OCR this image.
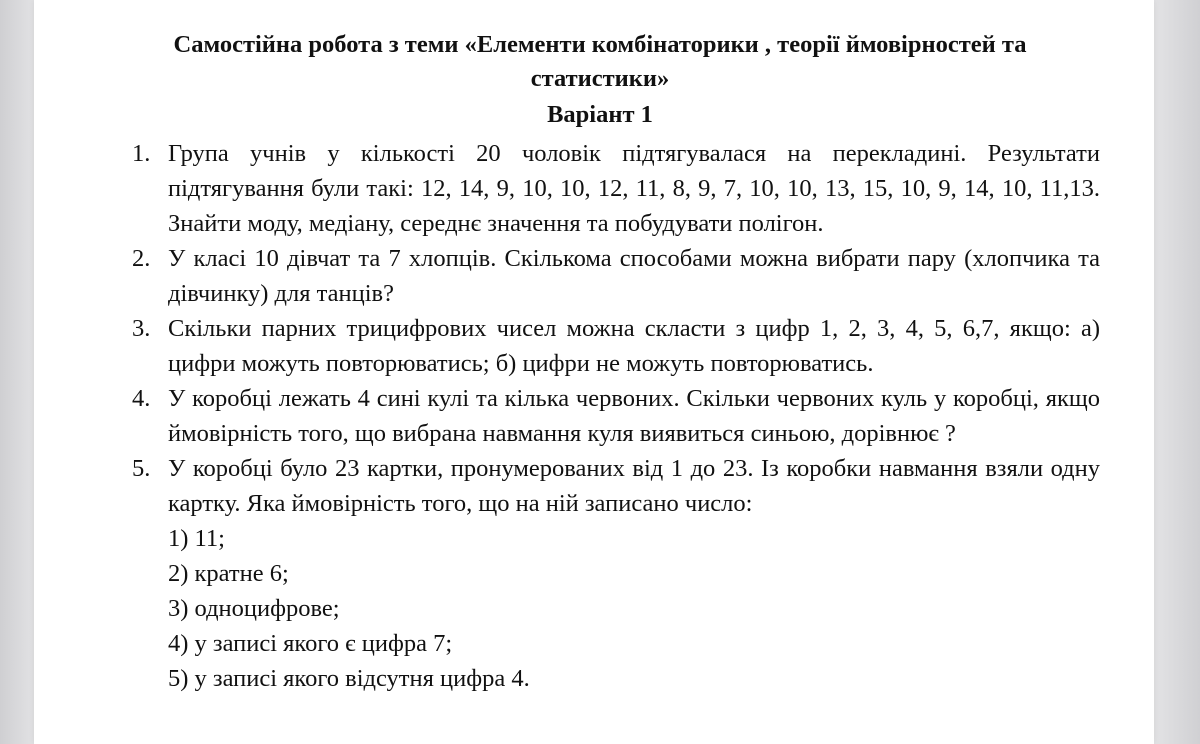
Самостійна робота з теми «Елементи комбінаторики , теорії ймовірностей та
статистики»
Варіант 1
1. Група учнів у кількості 20 чоловік підтягувалася на перекладині. Результати підтягування були такі: 12, 14, 9, 10, 10, 12, 11, 8, 9, 7, 10, 10, 13, 15, 10, 9, 14, 10, 11,13. Знайти моду, медіану, середнє значення та побудувати полігон.
2. У класі 10 дівчат та 7 хлопців. Скількома способами можна вибрати пару (хлопчика та дівчинку) для танців?
3. Скільки парних трицифрових чисел можна скласти з цифр 1, 2, 3, 4, 5, 6,7, якщо: а) цифри можуть повторюватись; б) цифри не можуть повторюватись.
4. У коробці лежать 4 сині кулі та кілька червоних. Скільки червоних куль у коробці, якщо ймовірність того, що вибрана навмання куля виявиться синьою, дорівнює ?
5. У коробці було 23 картки, пронумерованих від 1 до 23. Із коробки навмання взяли одну картку. Яка ймовірність того, що на ній записано число:
1) 11;
2) кратне 6;
3) одноцифрове;
4) у записі якого є цифра 7;
5) у записі якого відсутня цифра 4.
